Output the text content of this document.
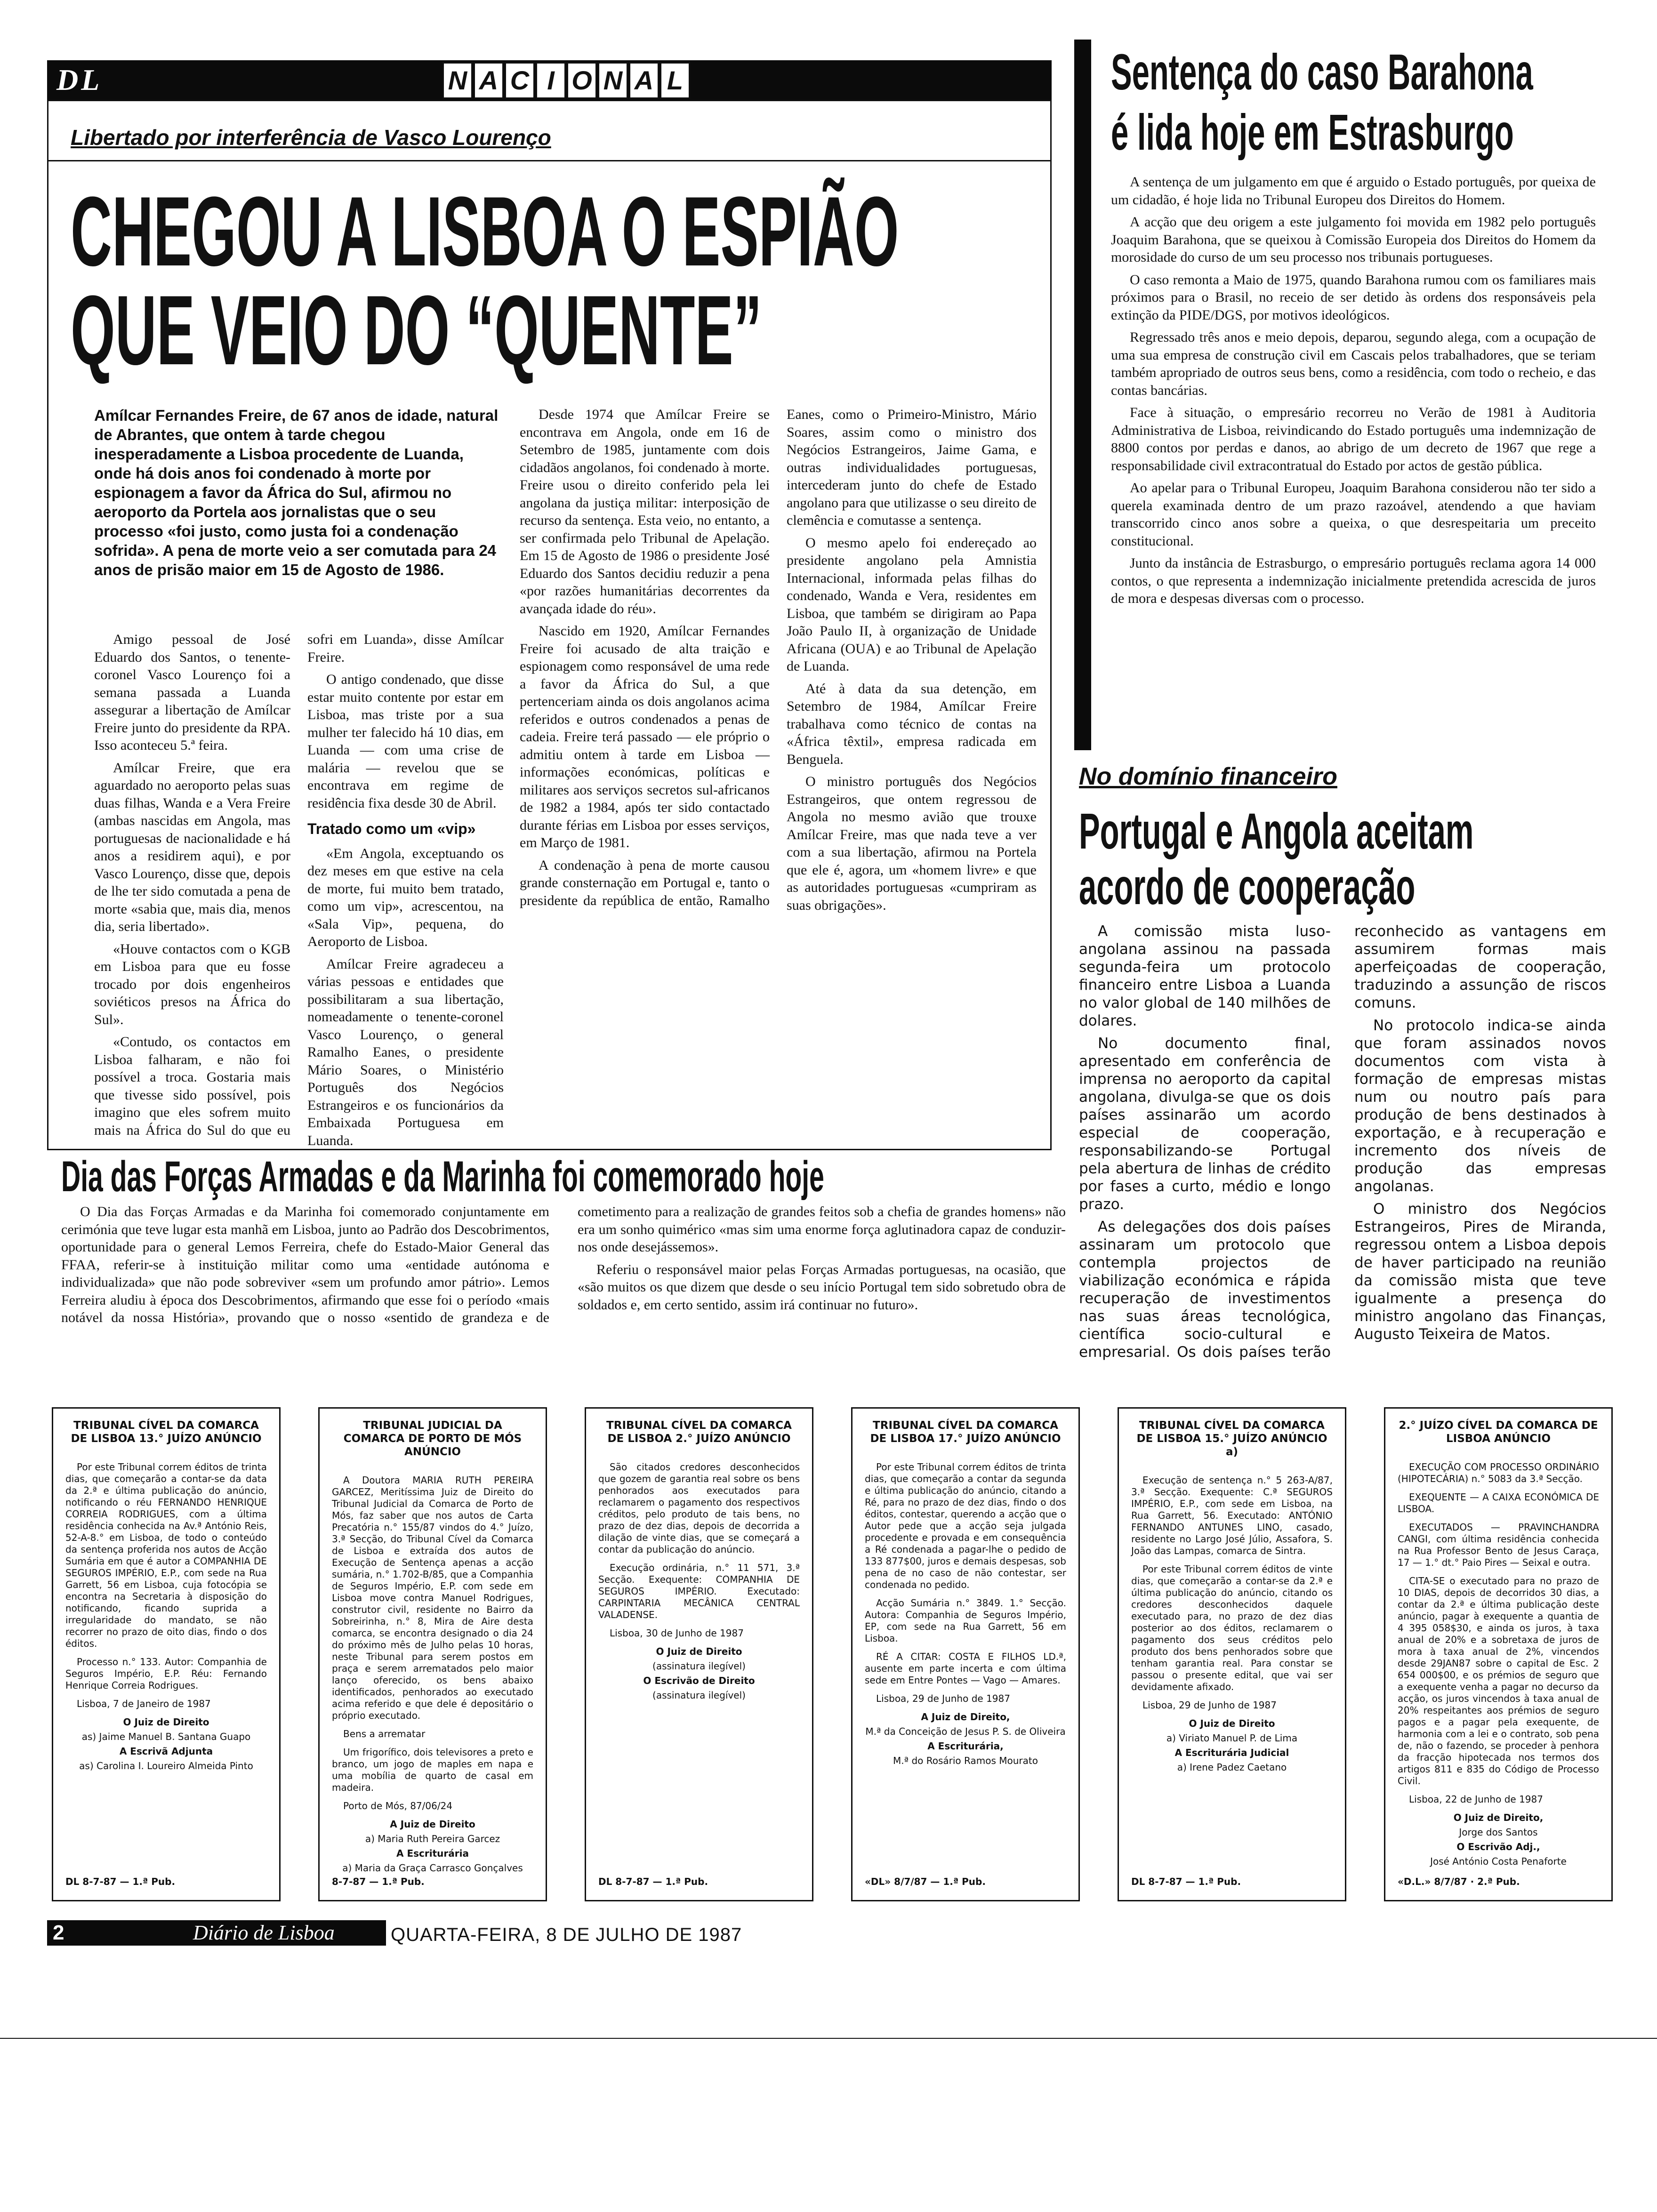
DL	N A C I O N A L
Libertado por interferência de Vasco Lourenço
CHEGOU A LISBOA O ESPIÃO
QUE VEIO DO “QUENTE”
Amílcar Fernandes Freire, de 67 anos de idade, natural de Abrantes, que ontem à tarde chegou inesperadamente a Lisboa procedente de Luanda, onde há dois anos foi condenado à morte por espionagem a favor da África do Sul, afirmou no aeroporto da Portela aos jornalistas que o seu processo «foi justo, como justa foi a condenação sofrida». A pena de morte veio a ser comutada para 24 anos de prisão maior em 15 de Agosto de 1986.

Amigo pessoal de José Eduardo dos Santos, o tenente-coronel Vasco Lourenço foi a semana passada a Luanda assegurar a libertação de Amílcar Freire junto do presidente da RPA. Isso aconteceu 5.ª feira.

Amílcar Freire, que era aguardado no aeroporto pelas suas duas filhas, Wanda e a Vera Freire (ambas nascidas em Angola, mas portuguesas de nacionalidade e há anos a residirem aqui), e por Vasco Lourenço, disse que, depois de lhe ter sido comutada a pena de morte «sabia que, mais dia, menos dia, seria libertado».

«Houve contactos com o KGB em Lisboa para que eu fosse trocado por dois engenheiros soviéticos presos na África do Sul».

«Contudo, os contactos em Lisboa falharam, e não foi possível a troca. Gostaria mais que tivesse sido possível, pois imagino que eles sofrem muito mais na África do Sul do que eu sofri em Luanda», disse Amílcar Freire.

O antigo condenado, que disse estar muito contente por estar em Lisboa, mas triste por a sua mulher ter falecido há 10 dias, em Luanda — com uma crise de malária — revelou que se encontrava em regime de residência fixa desde 30 de Abril.

Tratado como um «vip»

«Em Angola, exceptuando os dez meses em que estive na cela de morte, fui muito bem tratado, como um vip», acrescentou, na «Sala Vip», pequena, do Aeroporto de Lisboa.

Amílcar Freire agradeceu a várias pessoas e entidades que possibilitaram a sua libertação, nomeadamente o tenente-coronel Vasco Lourenço, o general Ramalho Eanes, o presidente Mário Soares, o Ministério Português dos Negócios Estrangeiros e os funcionários da Embaixada Portuguesa em Luanda.

Desde 1974 que Amílcar Freire se encontrava em Angola, onde em 16 de Setembro de 1985, juntamente com dois cidadãos angolanos, foi condenado à morte. Freire usou o direito conferido pela lei angolana da justiça militar: interposição de recurso da sentença. Esta veio, no entanto, a ser confirmada pelo Tribunal de Apelação. Em 15 de Agosto de 1986 o presidente José Eduardo dos Santos decidiu reduzir a pena «por razões humanitárias decorrentes da avançada idade do réu».

Nascido em 1920, Amílcar Fernandes Freire foi acusado de alta traição e espionagem como responsável de uma rede a favor da África do Sul, a que pertenceriam ainda os dois angolanos acima referidos e outros condenados a penas de cadeia. Freire terá passado — ele próprio o admitiu ontem à tarde em Lisboa — informações económicas, políticas e militares aos serviços secretos sul-africanos de 1982 a 1984, após ter sido contactado durante férias em Lisboa por esses serviços, em Março de 1981.

A condenação à pena de morte causou grande consternação em Portugal e, tanto o presidente da república de então, Ramalho Eanes, como o Primeiro-Ministro, Mário Soares, assim como o ministro dos Negócios Estrangeiros, Jaime Gama, e outras individualidades portuguesas, intercederam junto do chefe de Estado angolano para que utilizasse o seu direito de clemência e comutasse a sentença.

O mesmo apelo foi endereçado ao presidente angolano pela Amnistia Internacional, informada pelas filhas do condenado, Wanda e Vera, residentes em Lisboa, que também se dirigiram ao Papa João Paulo II, à organização de Unidade Africana (OUA) e ao Tribunal de Apelação de Luanda.

Até à data da sua detenção, em Setembro de 1984, Amílcar Freire trabalhava como técnico de contas na «África têxtil», empresa radicada em Benguela.

O ministro português dos Negócios Estrangeiros, que ontem regressou de Angola no mesmo avião que trouxe Amílcar Freire, mas que nada teve a ver com a sua libertação, afirmou na Portela que ele é, agora, um «homem livre» e que as autoridades portuguesas «cumpriram as suas obrigações».

Sentença do caso Barahona
é lida hoje em Estrasburgo

A sentença de um julgamento em que é arguido o Estado português, por queixa de um cidadão, é hoje lida no Tribunal Europeu dos Direitos do Homem.

A acção que deu origem a este julgamento foi movida em 1982 pelo português Joaquim Barahona, que se queixou à Comissão Europeia dos Direitos do Homem da morosidade do curso de um seu processo nos tribunais portugueses.

O caso remonta a Maio de 1975, quando Barahona rumou com os familiares mais próximos para o Brasil, no receio de ser detido às ordens dos responsáveis pela extinção da PIDE/DGS, por motivos ideológicos.

Regressado três anos e meio depois, deparou, segundo alega, com a ocupação de uma sua empresa de construção civil em Cascais pelos trabalhadores, que se teriam também apropriado de outros seus bens, como a residência, com todo o recheio, e das contas bancárias.

Face à situação, o empresário recorreu no Verão de 1981 à Auditoria Administrativa de Lisboa, reivindicando do Estado português uma indemnização de 8800 contos por perdas e danos, ao abrigo de um decreto de 1967 que rege a responsabilidade civil extracontratual do Estado por actos de gestão pública.

Ao apelar para o Tribunal Europeu, Joaquim Barahona considerou não ter sido a querela examinada dentro de um prazo razoável, atendendo a que haviam transcorrido cinco anos sobre a queixa, o que desrespeitaria um preceito constitucional.

Junto da instância de Estrasburgo, o empresário português reclama agora 14 000 contos, o que representa a indemnização inicialmente pretendida acrescida de juros de mora e despesas diversas com o processo.

No domínio financeiro
Portugal e Angola aceitam
acordo de cooperação

A comissão mista luso-angolana assinou na passada segunda-feira um protocolo financeiro entre Lisboa a Luanda no valor global de 140 milhões de dolares.

No documento final, apresentado em conferência de imprensa no aeroporto da capital angolana, divulga-se que os dois países assinarão um acordo especial de cooperação, responsabilizando-se Portugal pela abertura de linhas de crédito por fases a curto, médio e longo prazo.

As delegações dos dois países assinaram um protocolo que contempla projectos de viabilização económica e rápida recuperação de investimentos nas suas áreas tecnológica, científica socio-cultural e empresarial. Os dois países terão reconhecido as vantagens em assumirem formas mais aperfeiçoadas de cooperação, traduzindo a assunção de riscos comuns.

No protocolo indica-se ainda que foram assinados novos documentos com vista à formação de empresas mistas num ou noutro país para produção de bens destinados à exportação, e à recuperação e incremento dos níveis de produção das empresas angolanas.

O ministro dos Negócios Estrangeiros, Pires de Miranda, regressou ontem a Lisboa depois de haver participado na reunião da comissão mista que teve igualmente a presença do ministro angolano das Finanças, Augusto Teixeira de Matos.

Dia das Forças Armadas e da Marinha foi comemorado hoje

O Dia das Forças Armadas e da Marinha foi comemorado conjuntamente em cerimónia que teve lugar esta manhã em Lisboa, junto ao Padrão dos Descobrimentos, oportunidade para o general Lemos Ferreira, chefe do Estado-Maior General das FFAA, referir-se à instituição militar como uma «entidade autónoma e individualizada» que não pode sobreviver «sem um profundo amor pátrio». Lemos Ferreira aludiu à época dos Descobrimentos, afirmando que esse foi o período «mais notável da nossa História», provando que o nosso «sentido de grandeza e de cometimento para a realização de grandes feitos sob a chefia de grandes homens» não era um sonho quimérico «mas sim uma enorme força aglutinadora capaz de conduzir-nos onde desejássemos».

Referiu o responsável maior pelas Forças Armadas portuguesas, na ocasião, que «são muitos os que dizem que desde o seu início Portugal tem sido sobretudo obra de soldados e, em certo sentido, assim irá continuar no futuro».

TRIBUNAL CÍVEL DA COMARCA DE LISBOA 13.° JUÍZO ANÚNCIO
Por este Tribunal correm éditos de trinta dias, que começarão a contar-se da data da 2.ª e última publicação do anúncio, notificando o réu FERNANDO HENRIQUE CORREIA RODRIGUES, com a última residência conhecida na Av.ª António Reis, 52-A-8.° em Lisboa, de todo o conteúdo da sentença proferida nos autos de Acção Sumária em que é autor a COMPANHIA DE SEGUROS IMPÉRIO, E.P., com sede na Rua Garrett, 56 em Lisboa, cuja fotocópia se encontra na Secretaria à disposição do notificando, ficando suprida a irregularidade do mandato, se não recorrer no prazo de oito dias, findo o dos éditos.
Processo n.° 133. Autor: Companhia de Seguros Império, E.P. Réu: Fernando Henrique Correia Rodrigues.
Lisboa, 7 de Janeiro de 1987
O Juiz de Direito
as) Jaime Manuel B. Santana Guapo
A Escrivã Adjunta
as) Carolina I. Loureiro Almeida Pinto
DL 8-7-87 — 1.ª Pub.
TRIBUNAL JUDICIAL DA COMARCA DE PORTO DE MÓS ANÚNCIO
A Doutora MARIA RUTH PEREIRA GARCEZ, Meritíssima Juiz de Direito do Tribunal Judicial da Comarca de Porto de Mós, faz saber que nos autos de Carta Precatória n.° 155/87 vindos do 4.° Juízo, 3.ª Secção, do Tribunal Cível da Comarca de Lisboa e extraída dos autos de Execução de Sentença apenas a acção sumária, n.° 1.702-B/85, que a Companhia de Seguros Império, E.P. com sede em Lisboa move contra Manuel Rodrigues, construtor civil, residente no Bairro da Sobreirinha, n.° 8, Mira de Aire desta comarca, se encontra designado o dia 24 do próximo mês de Julho pelas 10 horas, neste Tribunal para serem postos em praça e serem arrematados pelo maior lanço oferecido, os bens abaixo identificados, penhorados ao executado acima referido e que dele é depositário o próprio executado.
Bens a arrematar
Um frigorífico, dois televisores a preto e branco, um jogo de maples em napa e uma mobília de quarto de casal em madeira.
Porto de Mós, 87/06/24
A Juiz de Direito
a) Maria Ruth Pereira Garcez
A Escriturária
a) Maria da Graça Carrasco Gonçalves
8-7-87 — 1.ª Pub.
TRIBUNAL CÍVEL DA COMARCA DE LISBOA 2.° JUÍZO ANÚNCIO
São citados credores desconhecidos que gozem de garantia real sobre os bens penhorados aos executados para reclamarem o pagamento dos respectivos créditos, pelo produto de tais bens, no prazo de dez dias, depois de decorrida a dilação de vinte dias, que se começará a contar da publicação do anúncio.
Execução ordinária, n.° 11 571, 3.ª Secção. Exequente: COMPANHIA DE SEGUROS IMPÉRIO. Executado: CARPINTARIA MECÂNICA CENTRAL VALADENSE.
Lisboa, 30 de Junho de 1987
O Juiz de Direito
(assinatura ilegível)
O Escrivão de Direito
(assinatura ilegível)
DL 8-7-87 — 1.ª Pub.
TRIBUNAL CÍVEL DA COMARCA DE LISBOA 17.° JUÍZO ANÚNCIO
Por este Tribunal correm éditos de trinta dias, que começarão a contar da segunda e última publicação do anúncio, citando a Ré, para no prazo de dez dias, findo o dos éditos, contestar, querendo a acção que o Autor pede que a acção seja julgada procedente e provada e em consequência a Ré condenada a pagar-lhe o pedido de 133 877$00, juros e demais despesas, sob pena de no caso de não contestar, ser condenada no pedido.
Acção Sumária n.° 3849. 1.° Secção. Autora: Companhia de Seguros Império, EP, com sede na Rua Garrett, 56 em Lisboa.
RÉ A CITAR: COSTA E FILHOS LD.ª, ausente em parte incerta e com última sede em Entre Pontes — Vago — Amares.
Lisboa, 29 de Junho de 1987
A Juiz de Direito,
M.ª da Conceição de Jesus P. S. de Oliveira
A Escriturária,
M.ª do Rosário Ramos Mourato
«DL» 8/7/87 — 1.ª Pub.
TRIBUNAL CÍVEL DA COMARCA DE LISBOA 15.° JUÍZO ANÚNCIO a)
Execução de sentença n.° 5 263-A/87, 3.ª Secção. Exequente: C.ª SEGUROS IMPÉRIO, E.P., com sede em Lisboa, na Rua Garrett, 56. Executado: ANTÓNIO FERNANDO ANTUNES LINO, casado, residente no Largo José Júlio, Assafora, S. João das Lampas, comarca de Sintra.
Por este Tribunal correm éditos de vinte dias, que começarão a contar-se da 2.ª e última publicação do anúncio, citando os credores desconhecidos daquele executado para, no prazo de dez dias posterior ao dos éditos, reclamarem o pagamento dos seus créditos pelo produto dos bens penhorados sobre que tenham garantia real. Para constar se passou o presente edital, que vai ser devidamente afixado.
Lisboa, 29 de Junho de 1987
O Juiz de Direito
a) Viriato Manuel P. de Lima
A Escriturária Judicial
a) Irene Padez Caetano
DL 8-7-87 — 1.ª Pub.
2.° JUÍZO CÍVEL DA COMARCA DE LISBOA ANÚNCIO
EXECUÇÃO COM PROCESSO ORDINÁRIO (HIPOTECÁRIA) n.° 5083 da 3.ª Secção.
EXEQUENTE — A CAIXA ECONÓMICA DE LISBOA.
EXECUTADOS — PRAVINCHANDRA CANGI, com última residência conhecida na Rua Professor Bento de Jesus Caraça, 17 — 1.° dt.° Paio Pires — Seixal e outra.
CITA-SE o executado para no prazo de 10 DIAS, depois de decorridos 30 dias, a contar da 2.ª e última publicação deste anúncio, pagar à exequente a quantia de 4 395 058$30, e ainda os juros, à taxa anual de 20% e a sobretaxa de juros de mora à taxa anual de 2%, vincendos desde 29JAN87 sobre o capital de Esc. 2 654 000$00, e os prémios de seguro que a exequente venha a pagar no decurso da acção, os juros vincendos à taxa anual de 20% respeitantes aos prémios de seguro pagos e a pagar pela exequente, de harmonia com a lei e o contrato, sob pena de, não o fazendo, se proceder à penhora da fracção hipotecada nos termos dos artigos 811 e 835 do Código de Processo Civil.
Lisboa, 22 de Junho de 1987
O Juiz de Direito,
Jorge dos Santos
O Escrivão Adj.,
José António Costa Penaforte
«D.L.» 8/7/87 · 2.ª Pub.
2	Diário de Lisboa	QUARTA-FEIRA, 8 DE JULHO DE 1987
